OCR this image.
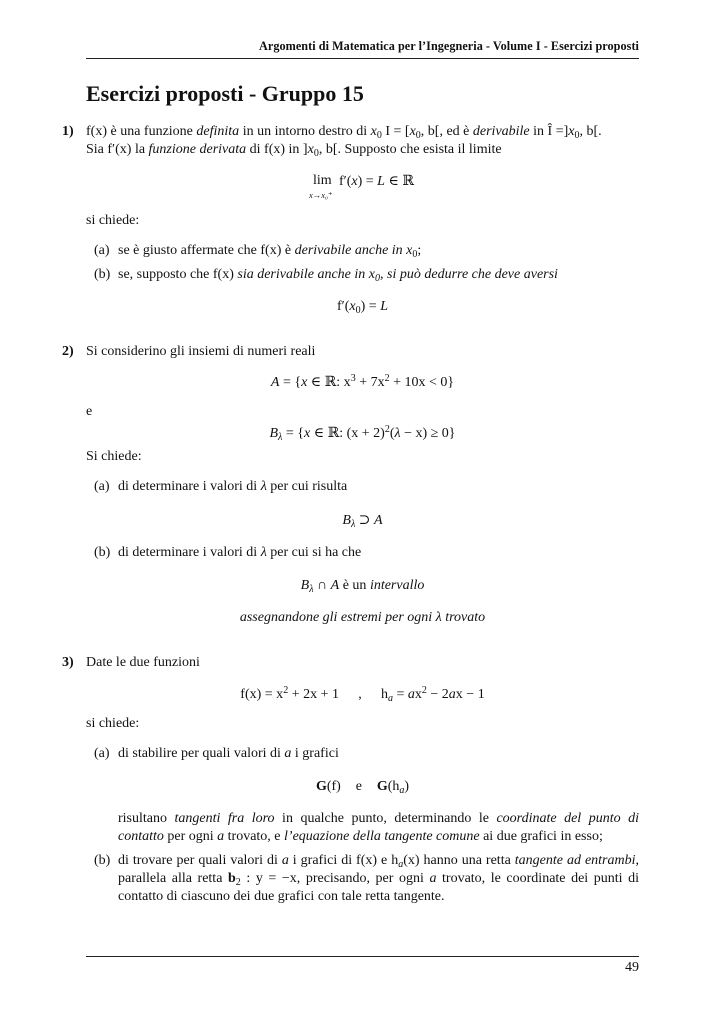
Argomenti di Matematica per l’Ingegneria - Volume I - Esercizi proposti
Esercizi proposti - Gruppo 15
1) f(x) è una funzione definita in un intorno destro di $x_0$ $I = [x_0$, b[, ed è derivabile in Î $=]x_0$, b[.
Sia f′(x) la funzione derivata di f(x) in ]$x_0$, b[. Supposto che esista il limite
lim
x→x₀⁺
f′(x) = L ∈ ℝ
si chiede:
(a) se è giusto affermate che f(x) è derivabile anche in $x_0$;
(b) se, supposto che f(x) sia derivabile anche in $x_0$, si può dedurre che deve aversi
$f'(x_0) = L$
2) Si considerino gli insiemi di numeri reali
A = {x ∈ ℝ: $x^3 + 7x^2 + 10x < 0$}
e
$B_\lambda = \{x$ ∈ ℝ: $(x + 2)^2(\lambda - x) \ge 0$}
Si chiede:
(a) di determinare i valori di λ per cui risulta
$B_\lambda$ ⊃ A
(b) di determinare i valori di λ per cui si ha che
$B_\lambda$ ∩ A è un intervallo
assegnandone gli estremi per ogni λ trovato
3) Date le due funzioni
$f(x) = x^2 + 2x + 1$ , $h_a = ax^2 - 2ax - 1$
si chiede:
(a) di stabilire per quali valori di a i grafici
G(f) e $G(h_a)$
risultano tangenti fra loro in qualche punto, determinando le coordinate del punto di
contatto per ogni a trovato, e l’equazione della tangente comune ai due grafici in esso;
(b) di trovare per quali valori di a i grafici di f(x) e $h_a(x)$ hanno una retta tangente ad entrambi,
parallela alla retta $b_2$ : y = −x, precisando, per ogni a trovato, le coordinate dei punti di
contatto di ciascuno dei due grafici con tale retta tangente.
49
